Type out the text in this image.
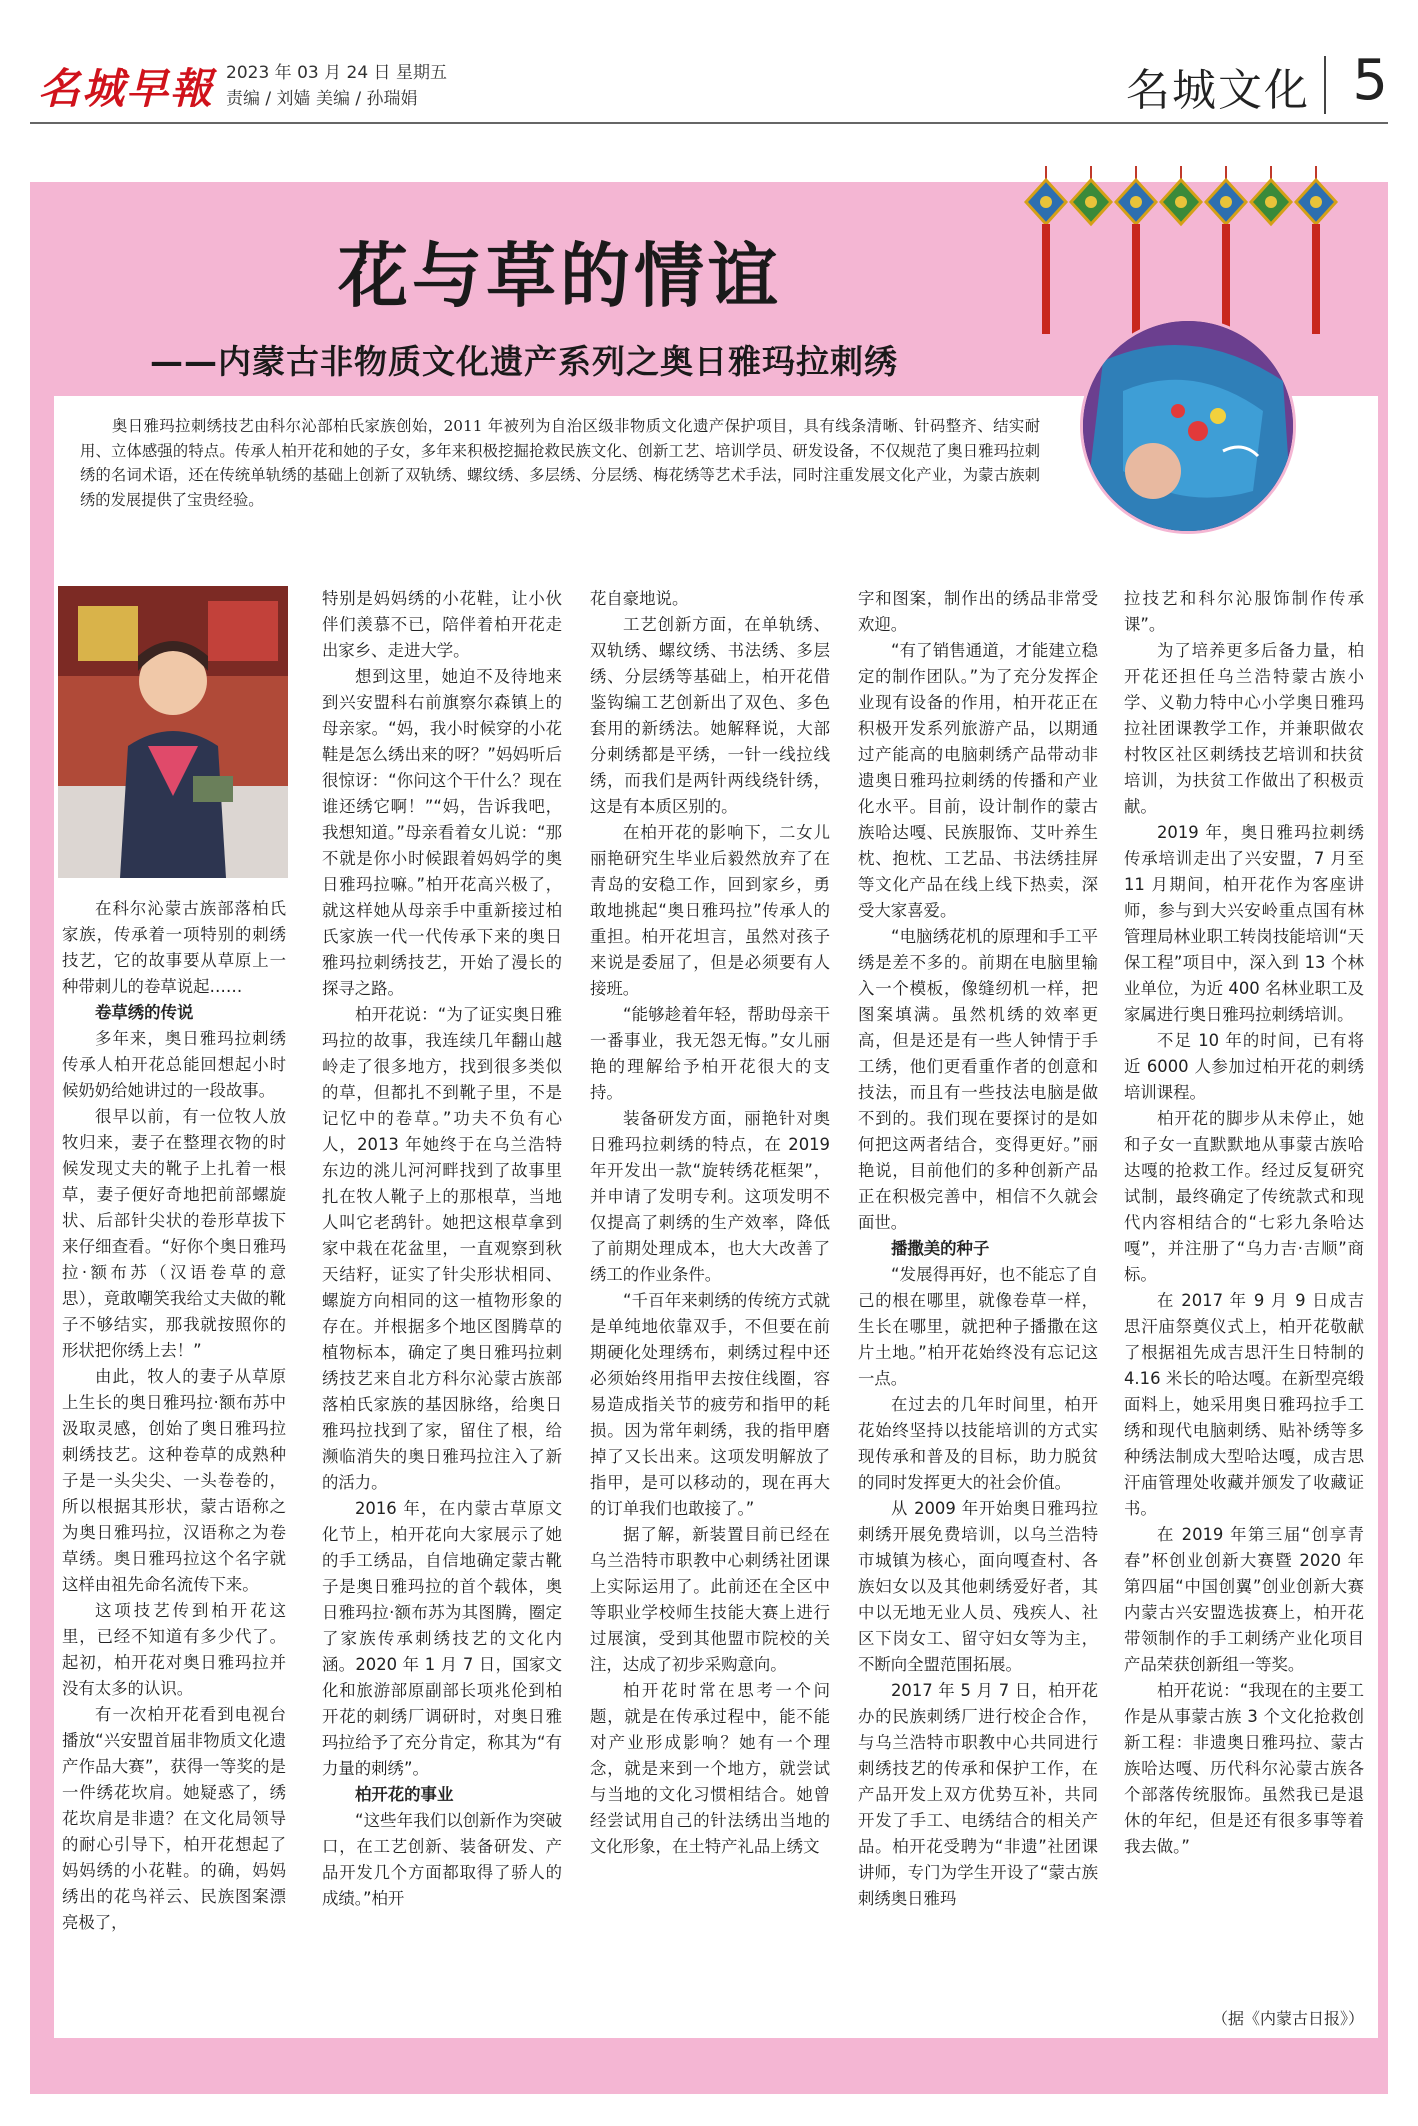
名城早報 2023 年 03 月 24 日 星期五
责编 / 刘嫱 美编 / 孙瑞娟	名城文化 5
花与草的情谊
——内蒙古非物质文化遗产系列之奥日雅玛拉刺绣
奥日雅玛拉刺绣技艺由科尔沁部柏氏家族创始，2011 年被列为自治区级非物质文化遗产保护项目，具有线条清晰、针码整齐、结实耐用、立体感强的特点。传承人柏开花和她的子女，多年来积极挖掘抢救民族文化、创新工艺、培训学员、研发设备，不仅规范了奥日雅玛拉刺绣的名词术语，还在传统单轨绣的基础上创新了双轨绣、螺纹绣、多层绣、分层绣、梅花绣等艺术手法，同时注重发展文化产业，为蒙古族刺绣的发展提供了宝贵经验。

在科尔沁蒙古族部落柏氏家族，传承着一项特别的刺绣技艺，它的故事要从草原上一种带刺儿的卷草说起……

卷草绣的传说

多年来，奥日雅玛拉刺绣传承人柏开花总能回想起小时候奶奶给她讲过的一段故事。

很早以前，有一位牧人放牧归来，妻子在整理衣物的时候发现丈夫的靴子上扎着一根草，妻子便好奇地把前部螺旋状、后部针尖状的卷形草拔下来仔细查看。“好你个奥日雅玛拉·额布苏（汉语卷草的意思），竟敢嘲笑我给丈夫做的靴子不够结实，那我就按照你的形状把你绣上去！”

由此，牧人的妻子从草原上生长的奥日雅玛拉·额布苏中汲取灵感，创始了奥日雅玛拉刺绣技艺。这种卷草的成熟种子是一头尖尖、一头卷卷的，所以根据其形状，蒙古语称之为奥日雅玛拉，汉语称之为卷草绣。奥日雅玛拉这个名字就这样由祖先命名流传下来。

这项技艺传到柏开花这里，已经不知道有多少代了。起初，柏开花对奥日雅玛拉并没有太多的认识。

有一次柏开花看到电视台播放“兴安盟首届非物质文化遗产作品大赛”，获得一等奖的是一件绣花坎肩。她疑惑了，绣花坎肩是非遗？在文化局领导的耐心引导下，柏开花想起了妈妈绣的小花鞋。的确，妈妈绣出的花鸟祥云、民族图案漂亮极了，

特别是妈妈绣的小花鞋，让小伙伴们羡慕不已，陪伴着柏开花走出家乡、走进大学。

想到这里，她迫不及待地来到兴安盟科右前旗察尔森镇上的母亲家。“妈，我小时候穿的小花鞋是怎么绣出来的呀？”妈妈听后很惊讶：“你问这个干什么？现在谁还绣它啊！”“妈，告诉我吧，我想知道。”母亲看着女儿说：“那不就是你小时候跟着妈妈学的奥日雅玛拉嘛。”柏开花高兴极了，就这样她从母亲手中重新接过柏氏家族一代一代传承下来的奥日雅玛拉刺绣技艺，开始了漫长的探寻之路。

柏开花说：“为了证实奥日雅玛拉的故事，我连续几年翻山越岭走了很多地方，找到很多类似的草，但都扎不到靴子里，不是记忆中的卷草。”功夫不负有心人，2013 年她终于在乌兰浩特东边的洮儿河河畔找到了故事里扎在牧人靴子上的那根草，当地人叫它老鸹针。她把这根草拿到家中栽在花盆里，一直观察到秋天结籽，证实了针尖形状相同、螺旋方向相同的这一植物形象的存在。并根据多个地区图腾草的植物标本，确定了奥日雅玛拉刺绣技艺来自北方科尔沁蒙古族部落柏氏家族的基因脉络，给奥日雅玛拉找到了家，留住了根，给濒临消失的奥日雅玛拉注入了新的活力。

2016 年，在内蒙古草原文化节上，柏开花向大家展示了她的手工绣品，自信地确定蒙古靴子是奥日雅玛拉的首个载体，奥日雅玛拉·额布苏为其图腾，圈定了家族传承刺绣技艺的文化内涵。2020 年 1 月 7 日，国家文化和旅游部原副部长项兆伦到柏开花的刺绣厂调研时，对奥日雅玛拉给予了充分肯定，称其为“有力量的刺绣”。

柏开花的事业

“这些年我们以创新作为突破口，在工艺创新、装备研发、产品开发几个方面都取得了骄人的成绩。”柏开

花自豪地说。

工艺创新方面，在单轨绣、双轨绣、螺纹绣、书法绣、多层绣、分层绣等基础上，柏开花借鉴钩编工艺创新出了双色、多色套用的新绣法。她解释说，大部分刺绣都是平绣，一针一线拉线绣，而我们是两针两线绕针绣，这是有本质区别的。

在柏开花的影响下，二女儿丽艳研究生毕业后毅然放弃了在青岛的安稳工作，回到家乡，勇敢地挑起“奥日雅玛拉”传承人的重担。柏开花坦言，虽然对孩子来说是委屈了，但是必须要有人接班。

“能够趁着年轻，帮助母亲干一番事业，我无怨无悔。”女儿丽艳的理解给予柏开花很大的支持。

装备研发方面，丽艳针对奥日雅玛拉刺绣的特点，在 2019 年开发出一款“旋转绣花框架”，并申请了发明专利。这项发明不仅提高了刺绣的生产效率，降低了前期处理成本，也大大改善了绣工的作业条件。

“千百年来刺绣的传统方式就是单纯地依靠双手，不但要在前期硬化处理绣布，刺绣过程中还必须始终用指甲去按住线圈，容易造成指关节的疲劳和指甲的耗损。因为常年刺绣，我的指甲磨掉了又长出来。这项发明解放了指甲，是可以移动的，现在再大的订单我们也敢接了。”

据了解，新装置目前已经在乌兰浩特市职教中心刺绣社团课上实际运用了。此前还在全区中等职业学校师生技能大赛上进行过展演，受到其他盟市院校的关注，达成了初步采购意向。

柏开花时常在思考一个问题，就是在传承过程中，能不能对产业形成影响？她有一个理念，就是来到一个地方，就尝试与当地的文化习惯相结合。她曾经尝试用自己的针法绣出当地的文化形象，在土特产礼品上绣文

字和图案，制作出的绣品非常受欢迎。

“有了销售通道，才能建立稳定的制作团队。”为了充分发挥企业现有设备的作用，柏开花正在积极开发系列旅游产品，以期通过产能高的电脑刺绣产品带动非遗奥日雅玛拉刺绣的传播和产业化水平。目前，设计制作的蒙古族哈达嘎、民族服饰、艾叶养生枕、抱枕、工艺品、书法绣挂屏等文化产品在线上线下热卖，深受大家喜爱。

“电脑绣花机的原理和手工平绣是差不多的。前期在电脑里输入一个模板，像缝纫机一样，把图案填满。虽然机绣的效率更高，但是还是有一些人钟情于手工绣，他们更看重作者的创意和技法，而且有一些技法电脑是做不到的。我们现在要探讨的是如何把这两者结合，变得更好。”丽艳说，目前他们的多种创新产品正在积极完善中，相信不久就会面世。

播撒美的种子

“发展得再好，也不能忘了自己的根在哪里，就像卷草一样，生长在哪里，就把种子播撒在这片土地。”柏开花始终没有忘记这一点。

在过去的几年时间里，柏开花始终坚持以技能培训的方式实现传承和普及的目标，助力脱贫的同时发挥更大的社会价值。

从 2009 年开始奥日雅玛拉刺绣开展免费培训，以乌兰浩特市城镇为核心，面向嘎查村、各族妇女以及其他刺绣爱好者，其中以无地无业人员、残疾人、社区下岗女工、留守妇女等为主，不断向全盟范围拓展。

2017 年 5 月 7 日，柏开花办的民族刺绣厂进行校企合作，与乌兰浩特市职教中心共同进行刺绣技艺的传承和保护工作，在产品开发上双方优势互补，共同开发了手工、电绣结合的相关产品。柏开花受聘为“非遗”社团课讲师，专门为学生开设了“蒙古族刺绣奥日雅玛

拉技艺和科尔沁服饰制作传承课”。

为了培养更多后备力量，柏开花还担任乌兰浩特蒙古族小学、义勒力特中心小学奥日雅玛拉社团课教学工作，并兼职做农村牧区社区刺绣技艺培训和扶贫培训，为扶贫工作做出了积极贡献。

2019 年，奥日雅玛拉刺绣传承培训走出了兴安盟，7 月至 11 月期间，柏开花作为客座讲师，参与到大兴安岭重点国有林管理局林业职工转岗技能培训“天保工程”项目中，深入到 13 个林业单位，为近 400 名林业职工及家属进行奥日雅玛拉刺绣培训。

不足 10 年的时间，已有将近 6000 人参加过柏开花的刺绣培训课程。

柏开花的脚步从未停止，她和子女一直默默地从事蒙古族哈达嘎的抢救工作。经过反复研究试制，最终确定了传统款式和现代内容相结合的“七彩九条哈达嘎”，并注册了“乌力吉·吉顺”商标。

在 2017 年 9 月 9 日成吉思汗庙祭奠仪式上，柏开花敬献了根据祖先成吉思汗生日特制的 4.16 米长的哈达嘎。在新型亮缎面料上，她采用奥日雅玛拉手工绣和现代电脑刺绣、贴补绣等多种绣法制成大型哈达嘎，成吉思汗庙管理处收藏并颁发了收藏证书。

在 2019 年第三届“创享青春”杯创业创新大赛暨 2020 年第四届“中国创翼”创业创新大赛内蒙古兴安盟选拔赛上，柏开花带领制作的手工刺绣产业化项目产品荣获创新组一等奖。

柏开花说：“我现在的主要工作是从事蒙古族 3 个文化抢救创新工程：非遗奥日雅玛拉、蒙古族哈达嘎、历代科尔沁蒙古族各个部落传统服饰。虽然我已是退休的年纪，但是还有很多事等着我去做。”

（据《内蒙古日报》）
